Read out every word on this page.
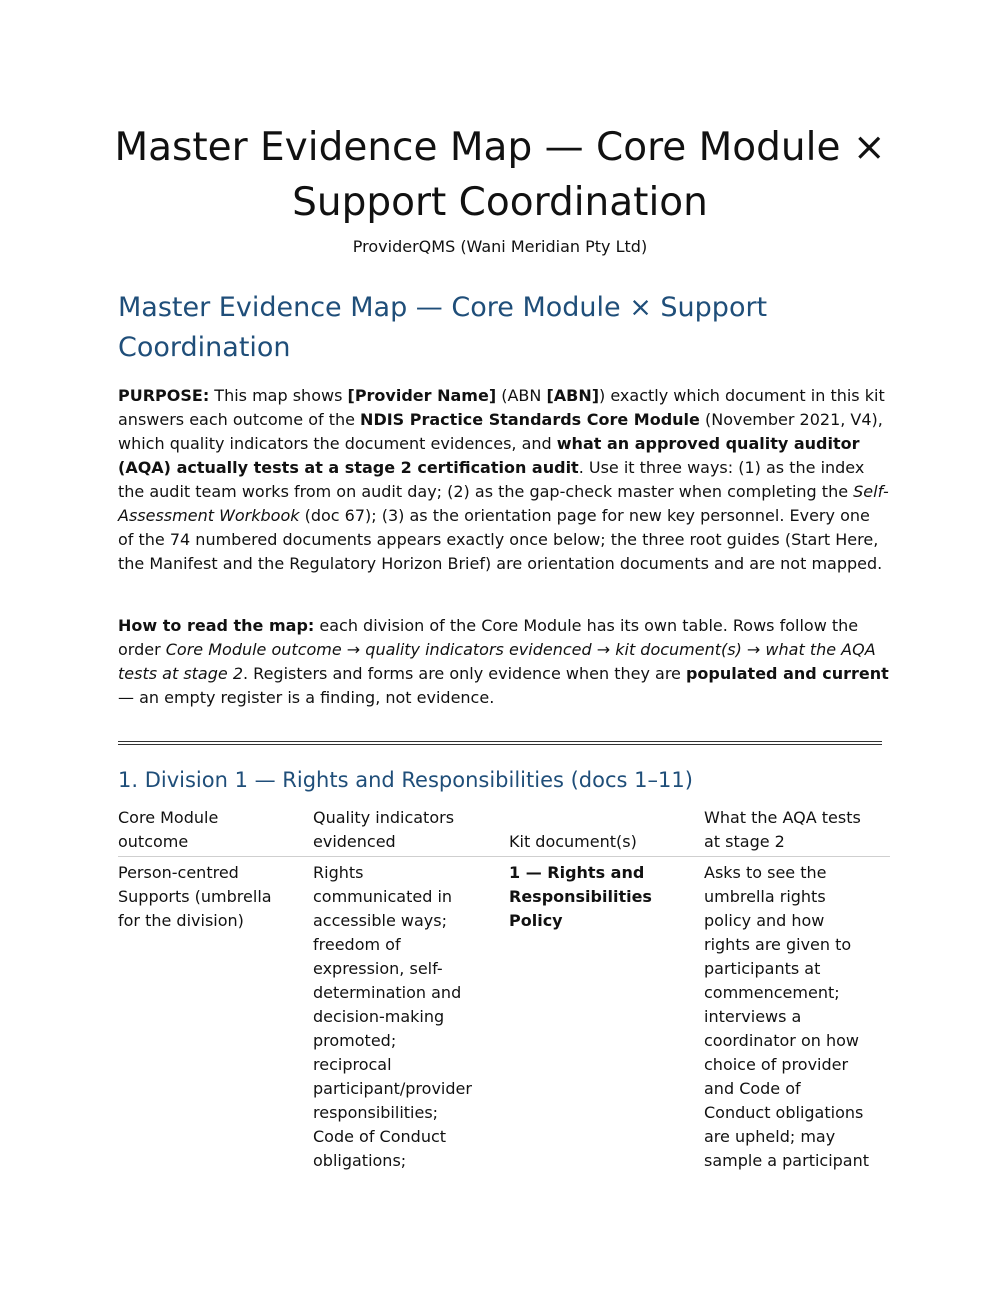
Master Evidence Map — Core Module ×
Support Coordination

ProviderQMS (Wani Meridian Pty Ltd)

Master Evidence Map — Core Module × Support
Coordination

PURPOSE: This map shows [Provider Name] (ABN [ABN]) exactly which document in this kit answers each outcome of the NDIS Practice Standards Core Module (November 2021, V4), which quality indicators the document evidences, and what an approved quality auditor (AQA) actually tests at a stage 2 certification audit. Use it three ways: (1) as the index the audit team works from on audit day; (2) as the gap-check master when completing the Self-Assessment Workbook (doc 67); (3) as the orientation page for new key personnel. Every one of the 74 numbered documents appears exactly once below; the three root guides (Start Here, the Manifest and the Regulatory Horizon Brief) are orientation documents and are not mapped.

How to read the map: each division of the Core Module has its own table. Rows follow the order Core Module outcome → quality indicators evidenced → kit document(s) → what the AQA tests at stage 2. Registers and forms are only evidence when they are populated and current — an empty register is a finding, not evidence.

1. Division 1 — Rights and Responsibilities (docs 1–11)
Core Module
outcome
Quality indicators
evidenced	Kit document(s)
What the AQA tests
at stage 2
Person-centred
Supports (umbrella
for the division)
Rights
communicated in
accessible ways;
freedom of
expression, self-
determination and
decision-making
promoted;
reciprocal
participant/provider
responsibilities;
Code of Conduct
obligations;
1 — Rights and
Responsibilities
Policy
Asks to see the
umbrella rights
policy and how
rights are given to
participants at
commencement;
interviews a
coordinator on how
choice of provider
and Code of
Conduct obligations
are upheld; may
sample a participant
